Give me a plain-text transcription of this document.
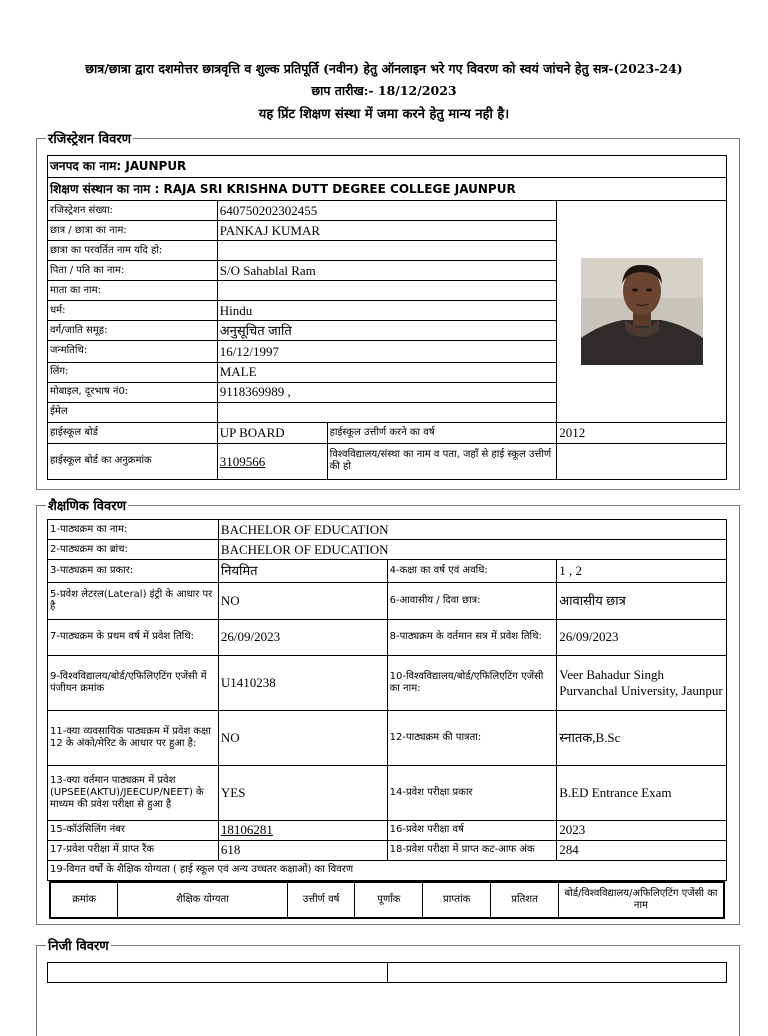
छात्र/छात्रा द्वारा दशमोत्तर छात्रवृत्ति व शुल्क प्रतिपूर्ति (नवीन) हेतु ऑनलाइन भरे गए विवरण को स्वयं जांचने हेतु सत्र-(2023-24)
छाप तारीख:- 18/12/2023
यह प्रिंट शिक्षण संस्था में जमा करने हेतु मान्य नही है।
रजिस्ट्रेशन विवरण
जनपद का नाम: JAUNPUR			
शिक्षण संस्थान का नाम : RAJA SRI KRISHNA DUTT DEGREE COLLEGE JAUNPUR			
रजिस्ट्रेशन संख्या:	640750202302455		
छात्र / छात्रा का नाम:	PANKAJ KUMAR		
छात्रा का परवर्तित नाम यदि हो:			
पिता / पति का नाम:	S/O Sahablal Ram		
माता का नाम:			
धर्म:	Hindu		
वर्ग/जाति समूह:	अनुसूचित जाति		
जन्मतिथि:	16/12/1997		
लिंग:	MALE		
मोबाइल, दूरभाष नं0:	9118369989 ,		
ईमेल			
हाईस्कूल बोर्ड	UP BOARD	हाईस्कूल उत्तीर्ण करने का वर्ष	2012
हाईस्कूल बोर्ड का अनुक्रमांक	3109566	विश्वविद्यालय/संस्था का नाम व पता, जहाँ से हाई स्कूल उत्तीर्ण की हो	
शैक्षणिक विवरण
1-पाठ्यक्रम का नाम:	BACHELOR OF EDUCATION		
2-पाठ्यक्रम का ब्रांच:	BACHELOR OF EDUCATION		
3-पाठ्यक्रम का प्रकार:	नियमित	4-कक्षा का वर्ष एवं अवधि:	1 , 2
5-प्रवेश लेटरल(Lateral) इंट्री के आधार पर है	NO	6-आवासीय / दिवा छात्र:	आवासीय छात्र
7-पाठ्यक्रम के प्रथम वर्ष में प्रवेश तिथि:	26/09/2023	8-पाठ्यक्रम के वर्तमान सत्र में प्रवेश तिथि:	26/09/2023
9-विश्वविद्यालय/बोर्ड/एफिलिएटिंग एजेंसी में पंजीयन क्रमांक	U1410238	10-विश्वविद्यालय/बोर्ड/एफिलिएटिंग एजेंसी का नाम:	Veer Bahadur Singh Purvanchal University, Jaunpur
11-क्या व्यवसायिक पाठ्यक्रम में प्रवेश कक्षा 12 के अंको/मेरिट के आधार पर हुआ है:	NO	12-पाठ्यक्रम की पात्रता:	स्नातक,B.Sc
13-क्या वर्तमान पाठ्यक्रम में प्रवेश (UPSEE(AKTU)/JEECUP/NEET) के माध्यम की प्रवेश परीक्षा से हुआ है	YES	14-प्रवेश परीक्षा प्रकार	B.ED Entrance Exam
15-कॉउंसिलिंग नंबर	18106281	16-प्रवेश परीक्षा वर्ष	2023
17-प्रवेश परीक्षा में प्राप्त रैंक	618	18-प्रवेश परीक्षा में प्राप्त कट-आफ अंक	284
19-विगत वर्षों के शैक्षिक योग्यता ( हाई स्कूल एवं अन्य उच्चतर कक्षाओं) का विवरण			
क्रमांक	शैक्षिक योग्यता	उत्तीर्ण वर्ष	पूर्णांक	प्राप्तांक	प्रतिशत	बोर्ड/विश्वविद्यालय/अफिलिएटिंग एजेंसी का नाम
निजी विवरण
